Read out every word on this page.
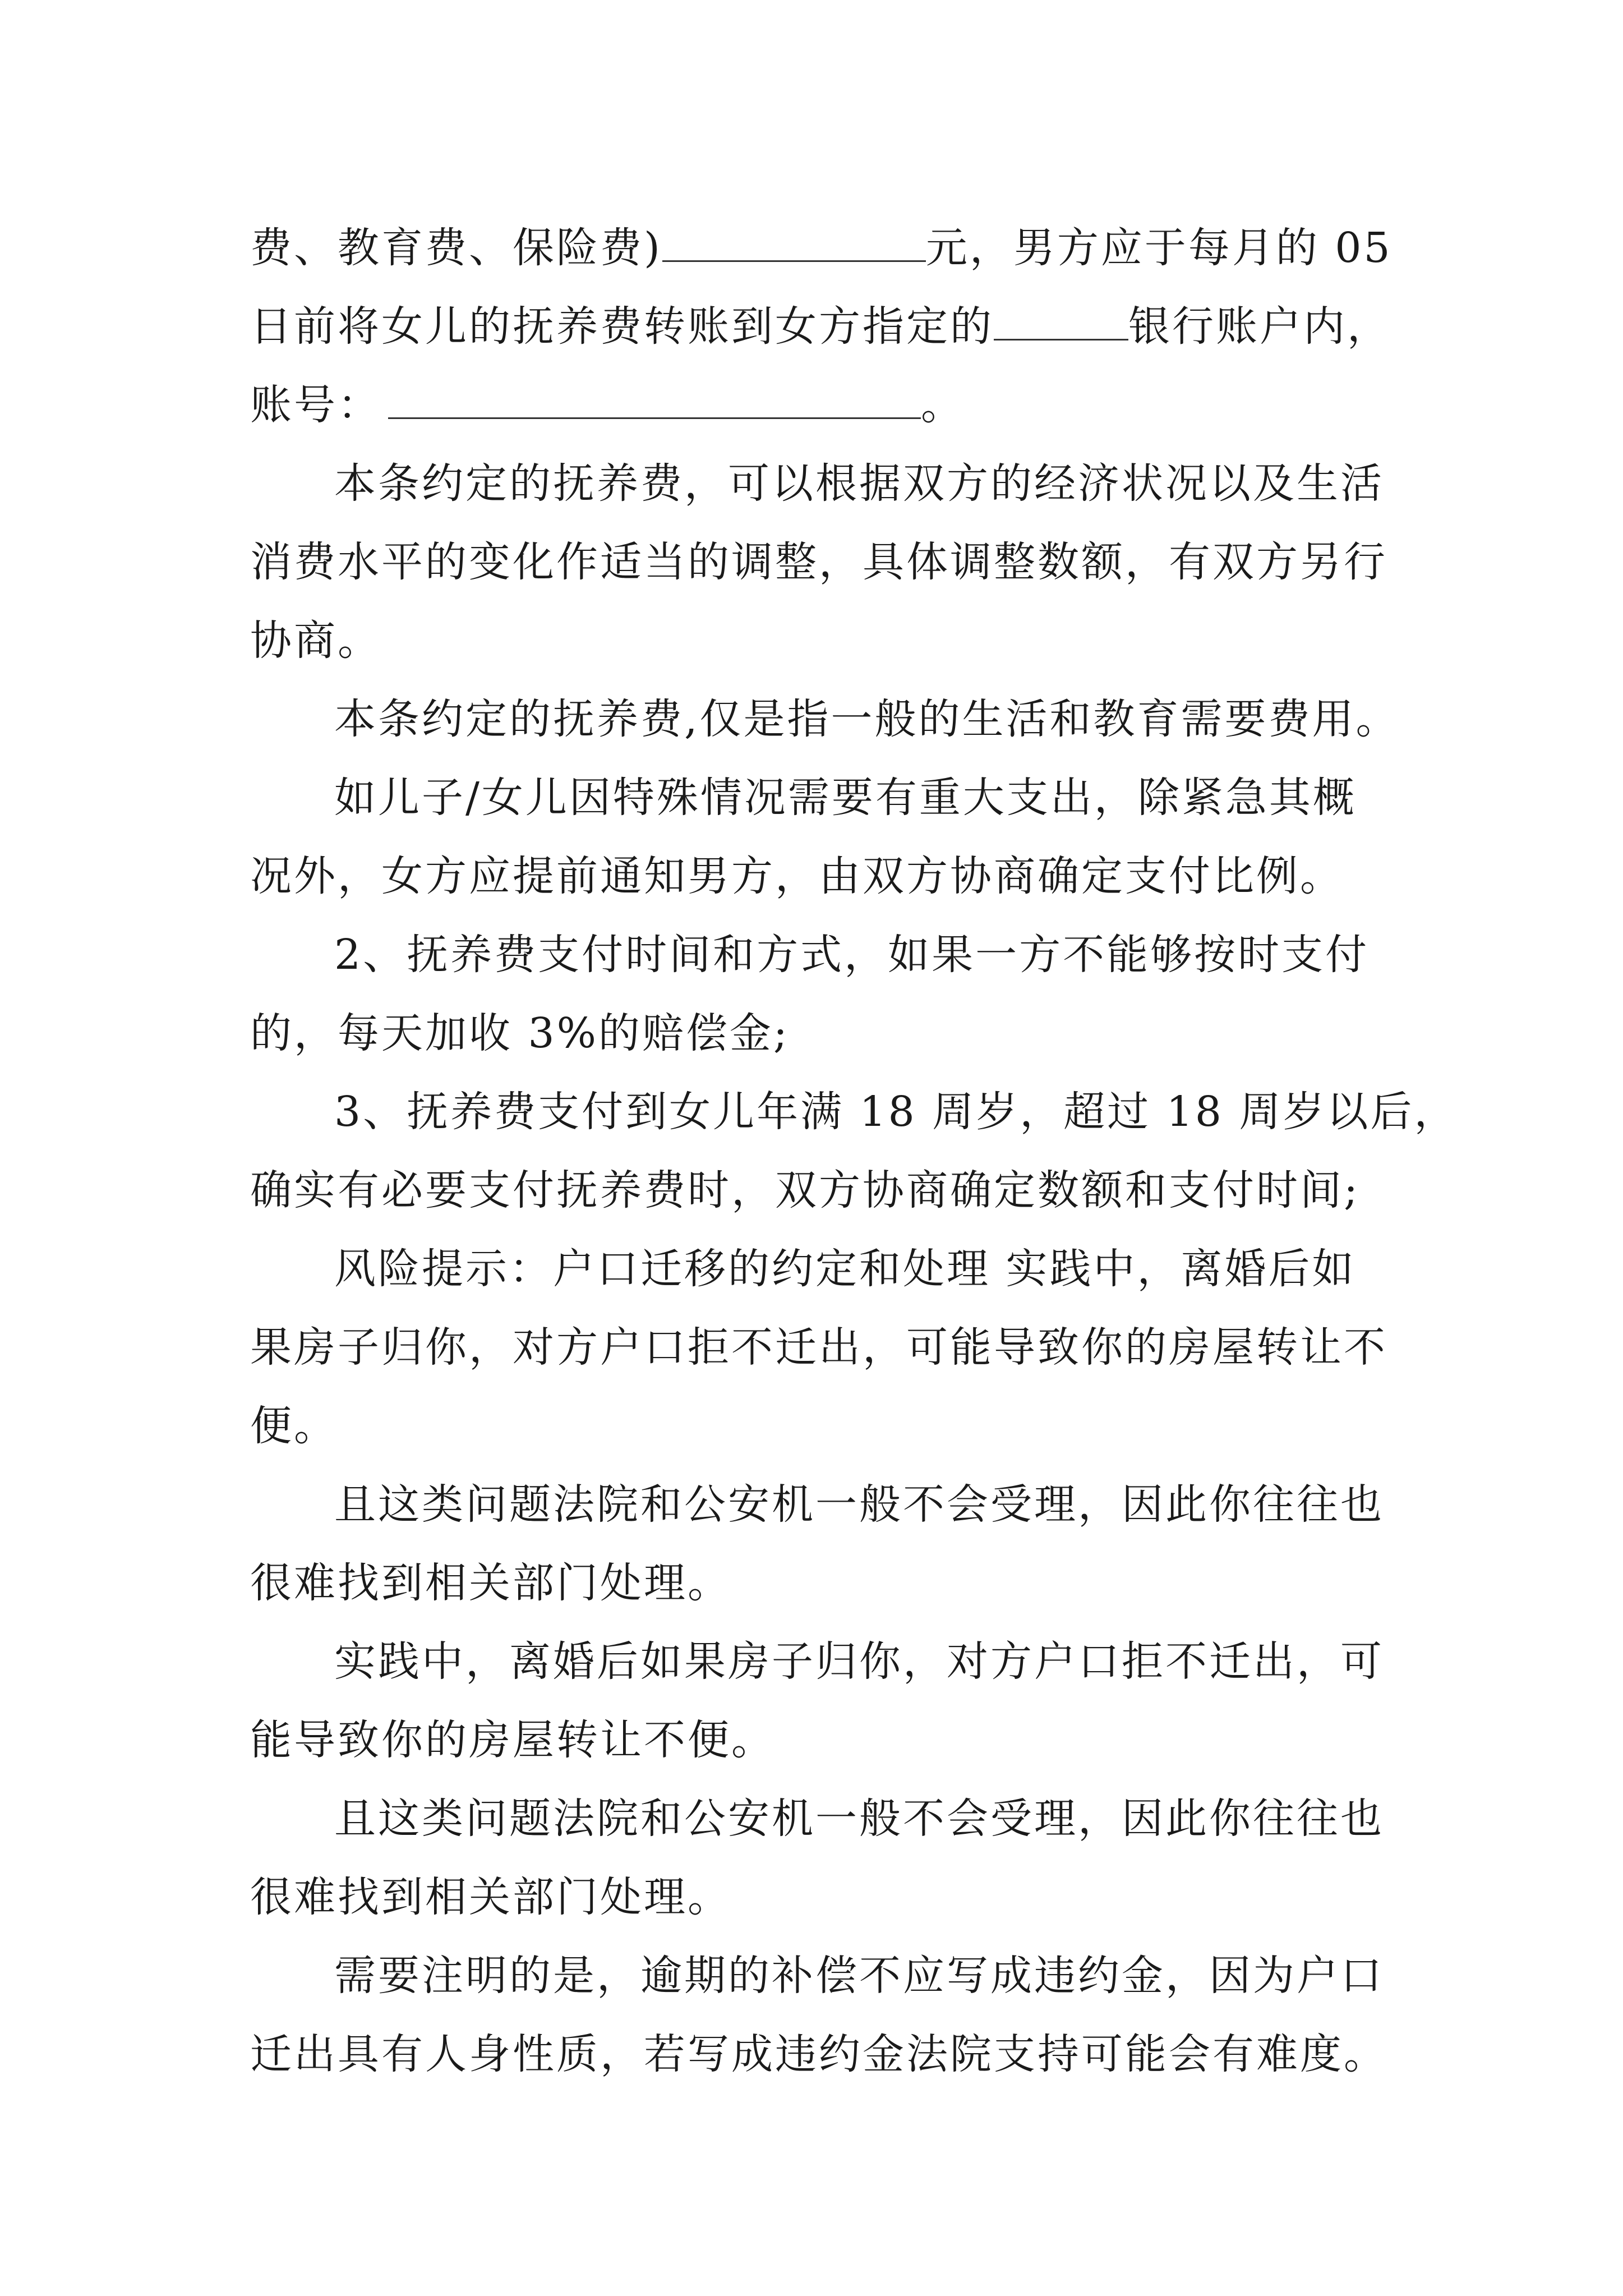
费、教育费、保险费)	元，男方应于每月的 05
日前将女儿的抚养费转账到女方指定的	银行账户内，
账号：	。
本条约定的抚养费，可以根据双方的经济状况以及生活
消费水平的变化作适当的调整，具体调整数额，有双方另行
协商。
本条约定的抚养费,仅是指一般的生活和教育需要费用。
如儿子/女儿因特殊情况需要有重大支出，除紧急其概
况外，女方应提前通知男方，由双方协商确定支付比例。
2、抚养费支付时间和方式，如果一方不能够按时支付
的，每天加收 3%的赔偿金;
3、抚养费支付到女儿年满 18 周岁，超过 18 周岁以后，
确实有必要支付抚养费时，双方协商确定数额和支付时间;
风险提示：户口迁移的约定和处理 实践中，离婚后如
果房子归你，对方户口拒不迁出，可能导致你的房屋转让不
便。
且这类问题法院和公安机一般不会受理，因此你往往也
很难找到相关部门处理。
实践中，离婚后如果房子归你，对方户口拒不迁出，可
能导致你的房屋转让不便。
且这类问题法院和公安机一般不会受理，因此你往往也
很难找到相关部门处理。
需要注明的是，逾期的补偿不应写成违约金，因为户口
迁出具有人身性质，若写成违约金法院支持可能会有难度。
